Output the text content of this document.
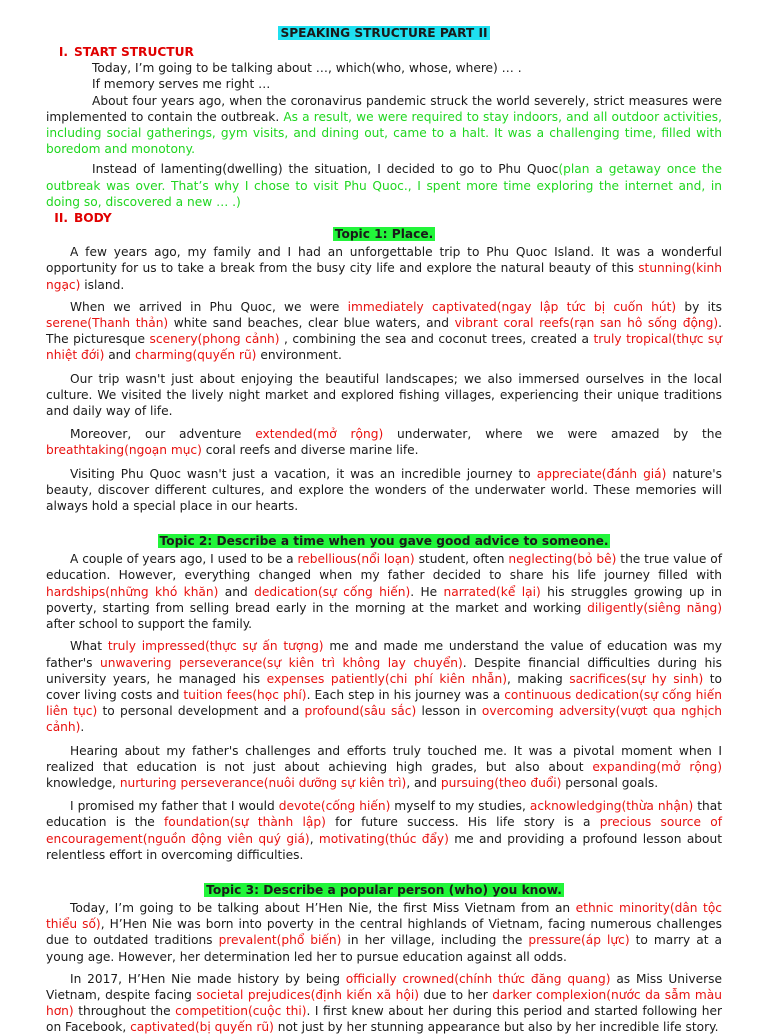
SPEAKING STRUCTURE PART II
I. START STRUCTUR

Today, I’m going to be talking about …, which(who, whose, where) … .

If memory serves me right …

About four years ago, when the coronavirus pandemic struck the world severely, strict measures were implemented to contain the outbreak. As a result, we were required to stay indoors, and all outdoor activities, including social gatherings, gym visits, and dining out, came to a halt. It was a challenging time, filled with boredom and monotony.

Instead of lamenting(dwelling) the situation, I decided to go to Phu Quoc(plan a getaway once the outbreak was over. That’s why I chose to visit Phu Quoc., I spent more time exploring the internet and, in doing so, discovered a new … .)

II. BODY
Topic 1: Place.

A few years ago, my family and I had an unforgettable trip to Phu Quoc Island. It was a wonderful opportunity for us to take a break from the busy city life and explore the natural beauty of this stunning(kinh ngạc) island.

When we arrived in Phu Quoc, we were immediately captivated(ngay lập tức bị cuốn hút) by its serene(Thanh thản) white sand beaches, clear blue waters, and vibrant coral reefs(rạn san hô sống động). The picturesque scenery(phong cảnh) , combining the sea and coconut trees, created a truly tropical(thực sự nhiệt đới) and charming(quyến rũ) environment.

Our trip wasn't just about enjoying the beautiful landscapes; we also immersed ourselves in the local culture. We visited the lively night market and explored fishing villages, experiencing their unique traditions and daily way of life.

Moreover, our adventure extended(mở rộng) underwater, where we were amazed by the breathtaking(ngoạn mục) coral reefs and diverse marine life.

Visiting Phu Quoc wasn't just a vacation, it was an incredible journey to appreciate(đánh giá) nature's beauty, discover different cultures, and explore the wonders of the underwater world. These memories will always hold a special place in our hearts.

Topic 2: Describe a time when you gave good advice to someone.

A couple of years ago, I used to be a rebellious(nổi loạn) student, often neglecting(bỏ bê) the true value of education. However, everything changed when my father decided to share his life journey filled with hardships(những khó khăn) and dedication(sự cống hiến). He narrated(kể lại) his struggles growing up in poverty, starting from selling bread early in the morning at the market and working diligently(siêng năng) after school to support the family.

What truly impressed(thực sự ấn tượng) me and made me understand the value of education was my father's unwavering perseverance(sự kiên trì không lay chuyển). Despite financial difficulties during his university years, he managed his expenses patiently(chi phí kiên nhẫn), making sacrifices(sự hy sinh) to cover living costs and tuition fees(học phí). Each step in his journey was a continuous dedication(sự cống hiến liên tục) to personal development and a profound(sâu sắc) lesson in overcoming adversity(vượt qua nghịch cảnh).

Hearing about my father's challenges and efforts truly touched me. It was a pivotal moment when I realized that education is not just about achieving high grades, but also about expanding(mở rộng) knowledge, nurturing perseverance(nuôi dưỡng sự kiên trì), and pursuing(theo đuổi) personal goals.

I promised my father that I would devote(cống hiến) myself to my studies, acknowledging(thừa nhận) that education is the foundation(sự thành lập) for future success. His life story is a precious source of encouragement(nguồn động viên quý giá), motivating(thúc đẩy) me and providing a profound lesson about relentless effort in overcoming difficulties.

Topic 3: Describe a popular person (who) you know.

Today, I’m going to be talking about H’Hen Nie, the first Miss Vietnam from an ethnic minority(dân tộc thiểu số), H’Hen Nie was born into poverty in the central highlands of Vietnam, facing numerous challenges due to outdated traditions prevalent(phổ biến) in her village, including the pressure(áp lực) to marry at a young age. However, her determination led her to pursue education against all odds.

In 2017, H’Hen Nie made history by being officially crowned(chính thức đăng quang) as Miss Universe Vietnam, despite facing societal prejudices(định kiến xã hội) due to her darker complexion(nước da sẫm màu hơn) throughout the competition(cuộc thi). I first knew about her during this period and started following her on Facebook, captivated(bị quyến rũ) not just by her stunning appearance but also by her incredible life story.
